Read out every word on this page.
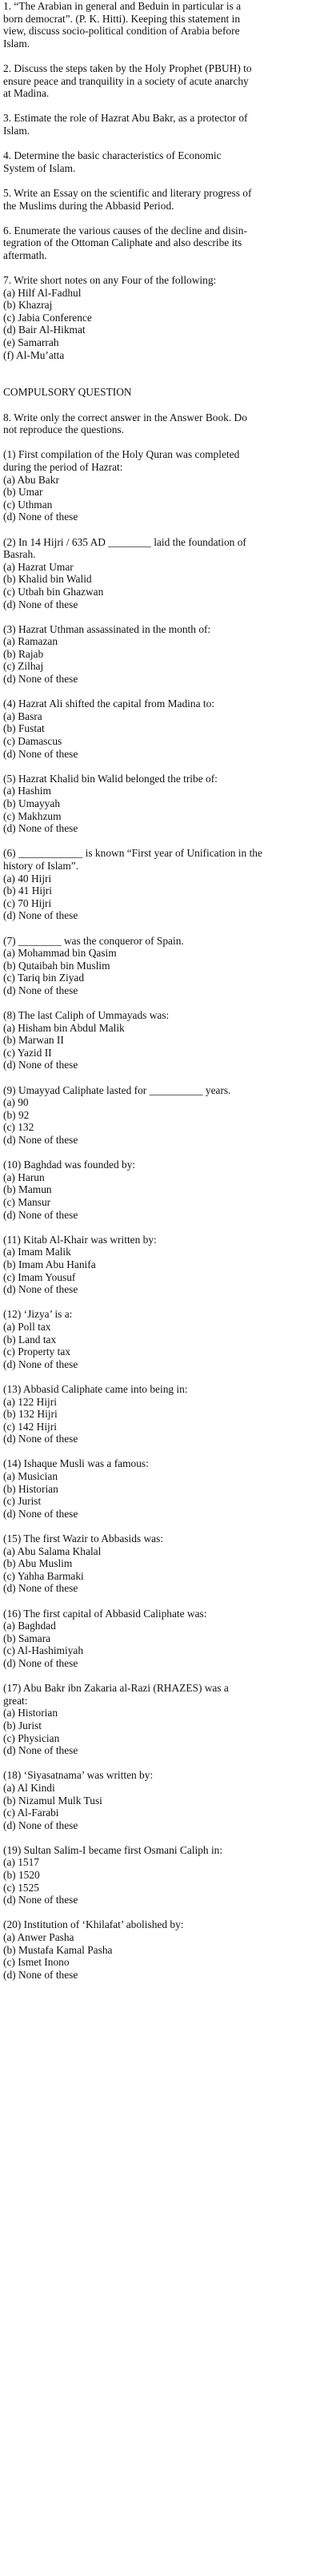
1. “The Arabian in general and Beduin in particular is a
born democrat”. (P. K. Hitti). Keeping this statement in
view, discuss socio-political condition of Arabia before
Islam.

2. Discuss the steps taken by the Holy Prophet (PBUH) to
ensure peace and tranquility in a society of acute anarchy
at Madina.

3. Estimate the role of Hazrat Abu Bakr, as a protector of
Islam.

4. Determine the basic characteristics of Economic
System of Islam.

5. Write an Essay on the scientific and literary progress of
the Muslims during the Abbasid Period.

6. Enumerate the various causes of the decline and disin-
tegration of the Ottoman Caliphate and also describe its
aftermath.

7. Write short notes on any Four of the following:
(a) Hilf Al-Fadhul
(b) Khazraj
(c) Jabia Conference
(d) Bair Al-Hikmat
(e) Samarrah
(f) Al-Mu’atta

COMPULSORY QUESTION

8. Write only the correct answer in the Answer Book. Do
not reproduce the questions.

(1) First compilation of the Holy Quran was completed
during the period of Hazrat:
(a) Abu Bakr
(b) Umar
(c) Uthman
(d) None of these
(2) In 14 Hijri / 635 AD ________ laid the foundation of
Basrah.
(a) Hazrat Umar
(b) Khalid bin Walid
(c) Utbah bin Ghazwan
(d) None of these
(3) Hazrat Uthman assassinated in the month of:
(a) Ramazan
(b) Rajab
(c) Zilhaj
(d) None of these
(4) Hazrat Ali shifted the capital from Madina to:
(a) Basra
(b) Fustat
(c) Damascus
(d) None of these
(5) Hazrat Khalid bin Walid belonged the tribe of:
(a) Hashim
(b) Umayyah
(c) Makhzum
(d) None of these
(6) ____________ is known “First year of Unification in the
history of Islam”.
(a) 40 Hijri
(b) 41 Hijri
(c) 70 Hijri
(d) None of these
(7) ________ was the conqueror of Spain.
(a) Mohammad bin Qasim
(b) Qutaibah bin Muslim
(c) Tariq bin Ziyad
(d) None of these
(8) The last Caliph of Ummayads was:
(a) Hisham bin Abdul Malik
(b) Marwan II
(c) Yazid II
(d) None of these
(9) Umayyad Caliphate lasted for __________ years.
(a) 90
(b) 92
(c) 132
(d) None of these
(10) Baghdad was founded by:
(a) Harun
(b) Mamun
(c) Mansur
(d) None of these
(11) Kitab Al-Khair was written by:
(a) Imam Malik
(b) Imam Abu Hanifa
(c) Imam Yousuf
(d) None of these
(12) ‘Jizya’ is a:
(a) Poll tax
(b) Land tax
(c) Property tax
(d) None of these
(13) Abbasid Caliphate came into being in:
(a) 122 Hijri
(b) 132 Hijri
(c) 142 Hijri
(d) None of these
(14) Ishaque Musli was a famous:
(a) Musician
(b) Historian
(c) Jurist
(d) None of these
(15) The first Wazir to Abbasids was:
(a) Abu Salama Khalal
(b) Abu Muslim
(c) Yahha Barmaki
(d) None of these
(16) The first capital of Abbasid Caliphate was:
(a) Baghdad
(b) Samara
(c) Al-Hashimiyah
(d) None of these
(17) Abu Bakr ibn Zakaria al-Razi (RHAZES) was a
great:
(a) Historian
(b) Jurist
(c) Physician
(d) None of these
(18) ‘Siyasatnama’ was written by:
(a) Al Kindi
(b) Nizamul Mulk Tusi
(c) Al-Farabi
(d) None of these
(19) Sultan Salim-I became first Osmani Caliph in:
(a) 1517
(b) 1520
(c) 1525
(d) None of these
(20) Institution of ‘Khilafat’ abolished by:
(a) Anwer Pasha
(b) Mustafa Kamal Pasha
(c) Ismet Inono
(d) None of these
